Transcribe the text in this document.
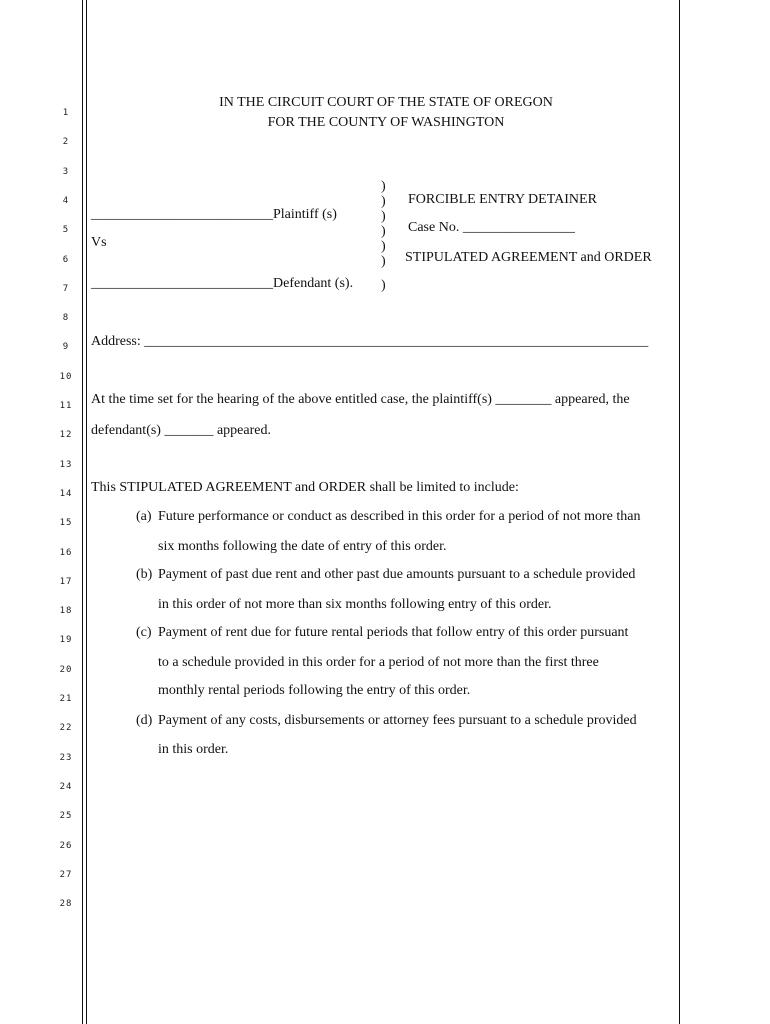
1
2
3
4
5
6
7
8
9
10
11
12
13
14
15
16
17
18
19
20
21
22
23
24
25
26
27
28
IN THE CIRCUIT COURT OF THE STATE OF OREGON
FOR THE COUNTY OF WASHINGTON
__________________________Plaintiff (s)
Vs
__________________________Defendant (s).
)
)
)
)
)
)
)
FORCIBLE ENTRY DETAINER
Case No. ________________
STIPULATED AGREEMENT and ORDER
Address: ________________________________________________________________________
At the time set for the hearing of the above entitled case, the plaintiff(s) ________ appeared, the
defendant(s) _______ appeared.
This STIPULATED AGREEMENT and ORDER shall be limited to include:
(a) Future performance or conduct as described in this order for a period of not more than
six months following the date of entry of this order.
(b) Payment of past due rent and other past due amounts pursuant to a schedule provided
in this order of not more than six months following entry of this order.
(c) Payment of rent due for future rental periods that follow entry of this order pursuant
to a schedule provided in this order for a period of not more than the first three
monthly rental periods following the entry of this order.
(d) Payment of any costs, disbursements or attorney fees pursuant to a schedule provided
in this order.
